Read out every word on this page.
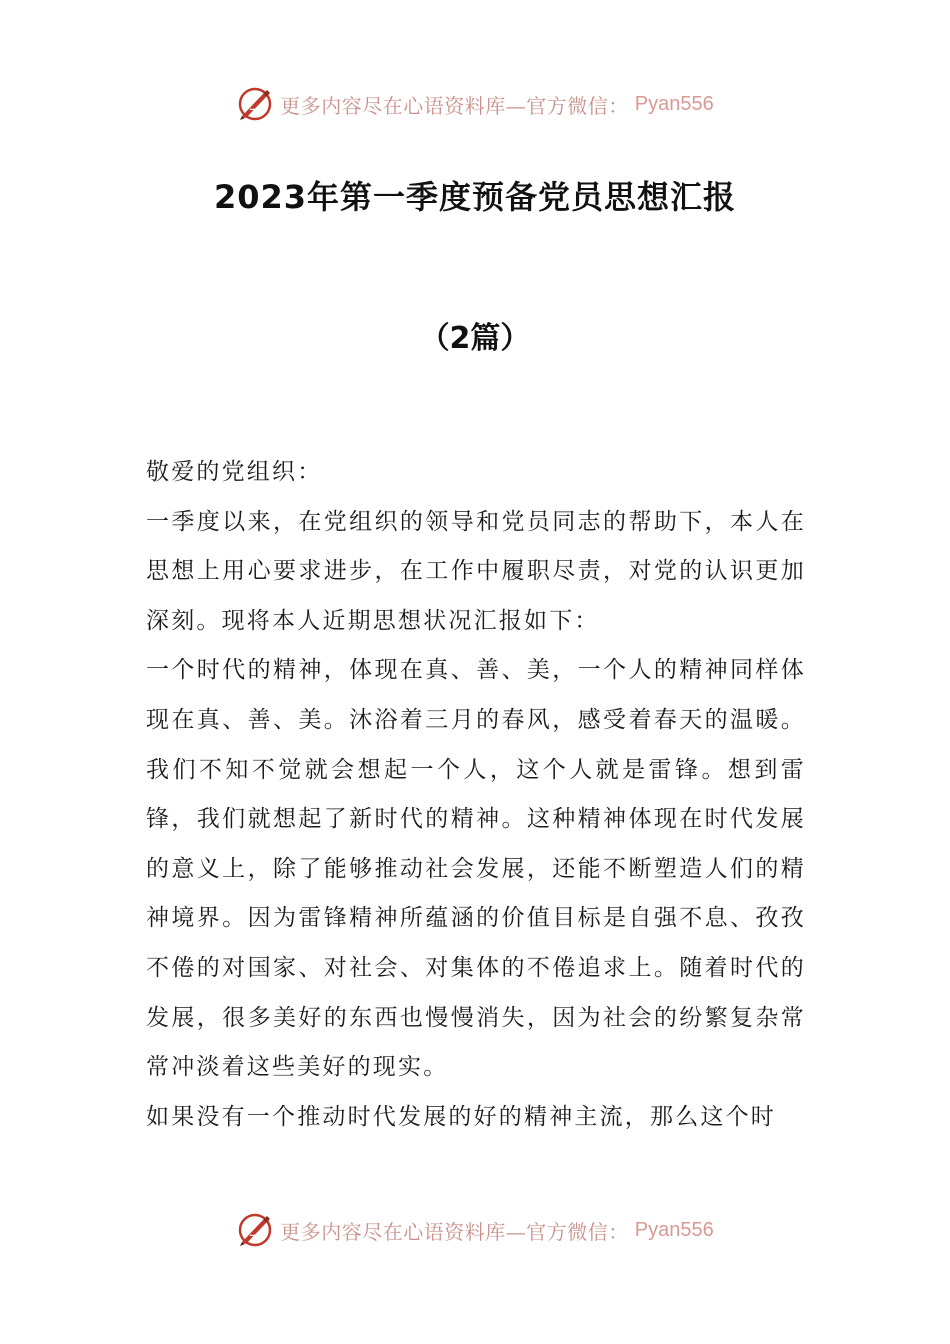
更多内容尽在心语资料库—官方微信： Pyan556
2023年第一季度预备党员思想汇报
（2篇）

敬爱的党组织：

一季度以来，在党组织的领导和党员同志的帮助下，本人在思想上用心要求进步，在工作中履职尽责，对党的认识更加深刻。现将本人近期思想状况汇报如下：

一个时代的精神，体现在真、善、美，一个人的精神同样体现在真、善、美。沐浴着三月的春风，感受着春天的温暖。我们不知不觉就会想起一个人，这个人就是雷锋。想到雷锋，我们就想起了新时代的精神。这种精神体现在时代发展的意义上，除了能够推动社会发展，还能不断塑造人们的精神境界。因为雷锋精神所蕴涵的价值目标是自强不息、孜孜不倦的对国家、对社会、对集体的不倦追求上。随着时代的发展，很多美好的东西也慢慢消失，因为社会的纷繁复杂常常冲淡着这些美好的现实。

如果没有一个推动时代发展的好的精神主流，那么这个时

更多内容尽在心语资料库—官方微信： Pyan556
